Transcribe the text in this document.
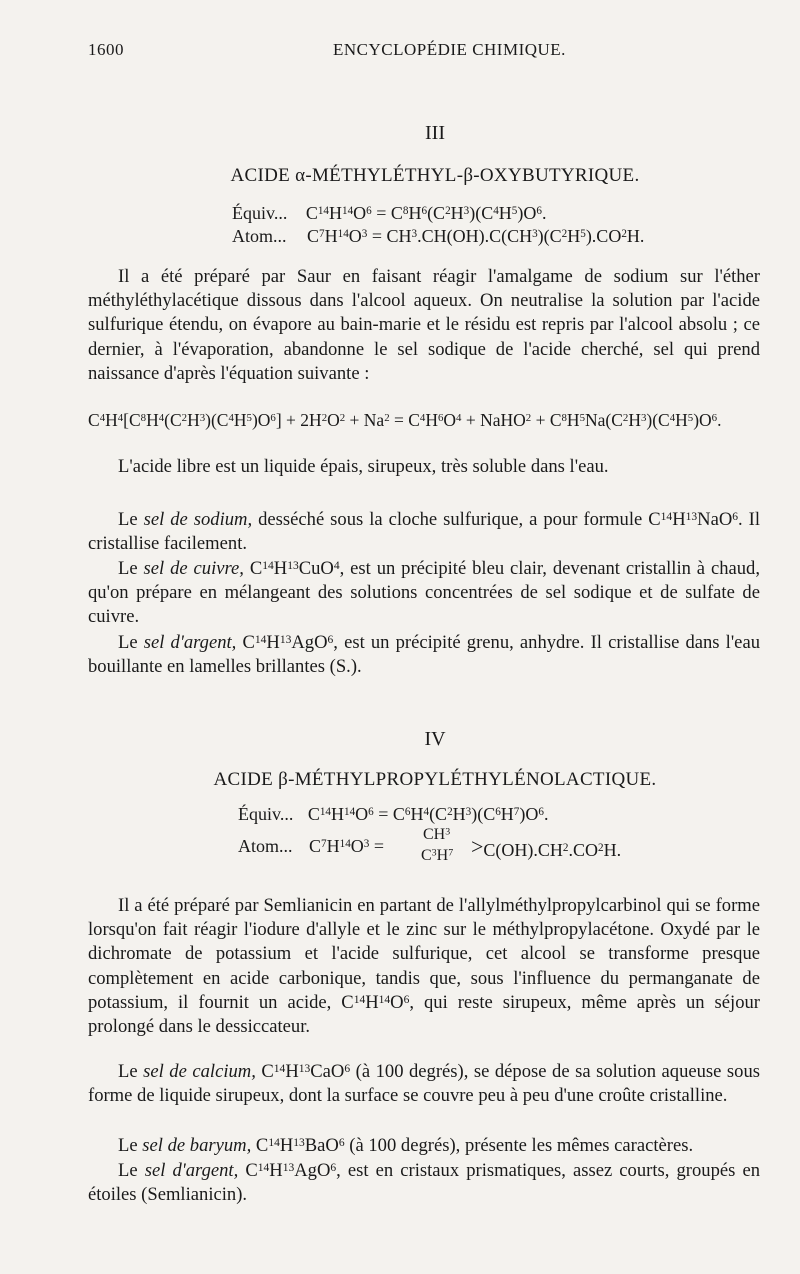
1600	ENCYCLOPÉDIE CHIMIQUE.
III
ACIDE α-MÉTHYLÉTHYL-β-OXYBUTYRIQUE.
Équiv... $C^{14}H^{14}O^6 = C^8H^6(C^2H^3)(C^4H^5)O^6$.
Atom... $C^7H^{14}O^3 = CH^3.CH(OH).C(CH^3)(C^2H^5).CO^2H$.
Il a été préparé par Saur en faisant réagir l'amalgame de sodium sur l'éther méthyléthylacétique dissous dans l'alcool aqueux. On neutralise la solution par l'acide sulfurique étendu, on évapore au bain-marie et le résidu est repris par l'alcool absolu ; ce dernier, à l'évaporation, abandonne le sel sodique de l'acide cherché, sel qui prend naissance d'après l'équation suivante :
$C^4H^4[C^8H^4(C^2H^3)(C^4H^5)O^6] + 2H^2O^2 + Na^2 = C^4H^6O^4$ + NaHO$^2$ + $C^8H^5Na(C^2H^3)(C^4H^5)O^6$.
L'acide libre est un liquide épais, sirupeux, très soluble dans l'eau.
Le sel de sodium, desséché sous la cloche sulfurique, a pour formule $C^{14}H^{13}NaO^6$. Il cristallise facilement.
Le sel de cuivre, $C^{14}H^{13}CuO^4$, est un précipité bleu clair, devenant cristallin à chaud, qu'on prépare en mélangeant des solutions concentrées de sel sodique et de sulfate de cuivre.
Le sel d'argent, $C^{14}H^{13}AgO^6$, est un précipité grenu, anhydre. Il cristallise dans l'eau bouillante en lamelles brillantes (S.).
IV
ACIDE β-MÉTHYLPROPYLÉTHYLÉNOLACTIQUE.
Équiv... $C^{14}H^{14}O^6 = C^6H^4(C^2H^3)(C^6H^7)O^6$.
Atom... $C^7H^{14}O^3$ =
$CH^3$
$C^3H^7 >C(OH).CH^2.CO^2H$.
Il a été préparé par Semlianicin en partant de l'allylméthylpropylcarbinol qui se forme lorsqu'on fait réagir l'iodure d'allyle et le zinc sur le méthylpropylacétone. Oxydé par le dichromate de potassium et l'acide sulfurique, cet alcool se transforme presque complètement en acide carbonique, tandis que, sous l'influence du permanganate de potassium, il fournit un acide, $C^{14}H^{14}O^6$, qui reste sirupeux, même après un séjour prolongé dans le dessiccateur.
Le sel de calcium, $C^{14}H^{13}CaO^6$ (à 100 degrés), se dépose de sa solution aqueuse sous forme de liquide sirupeux, dont la surface se couvre peu à peu d'une croûte cristalline.
Le sel de baryum, $C^{14}H^{13}BaO^6$ (à 100 degrés), présente les mêmes caractères.
Le sel d'argent, $C^{14}H^{13}AgO^6$, est en cristaux prismatiques, assez courts, groupés en étoiles (Semlianicin).
